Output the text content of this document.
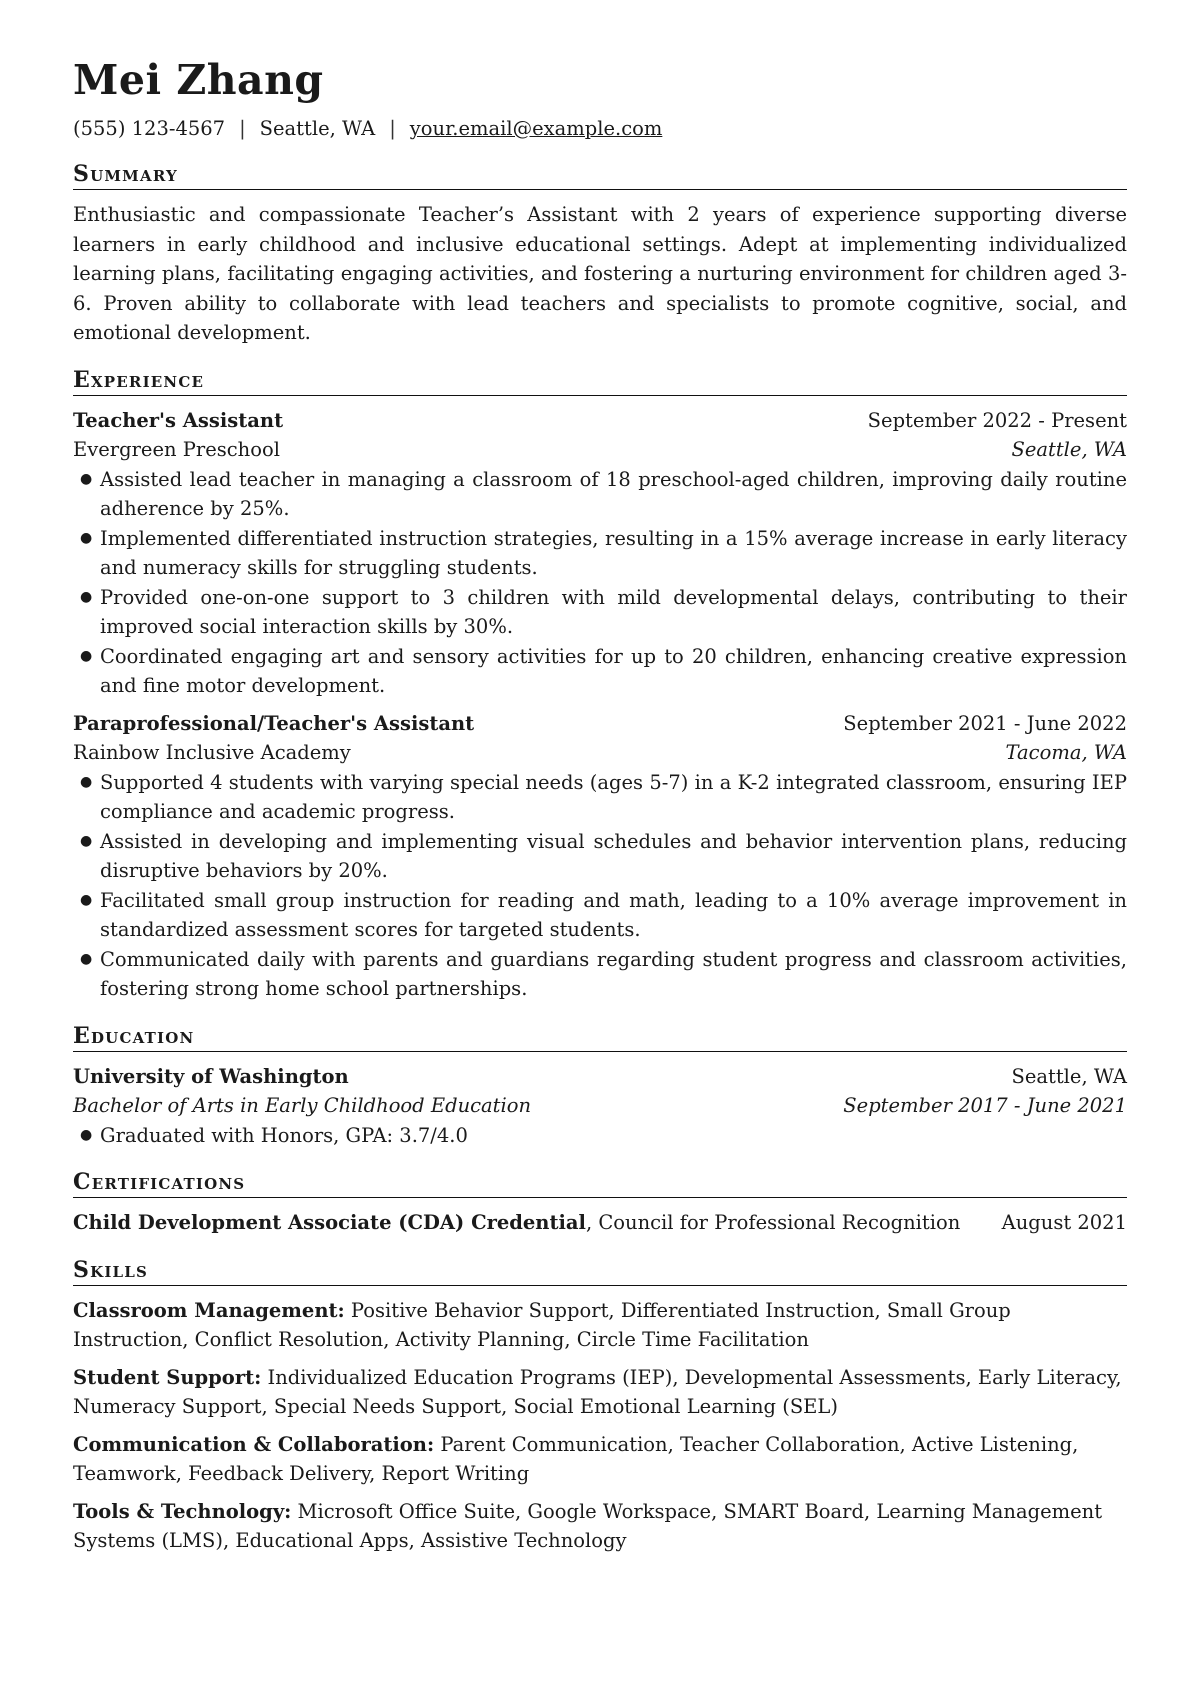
Mei Zhang
(555) 123-4567 | Seattle, WA | your.email@example.com
Summary
Enthusiastic and compassionate Teacher’s Assistant with 2 years of experience supporting diverse learners in early childhood and inclusive educational settings. Adept at implementing individualized learning plans, facilitating engaging activities, and fostering a nurturing environment for children aged 3-6. Proven ability to collaborate with lead teachers and specialists to promote cognitive, social, and emotional development.
Experience
Teacher's Assistant	September 2022 - Present
Evergreen Preschool	Seattle, WA
● Assisted lead teacher in managing a classroom of 18 preschool-aged children, improving daily routine adherence by 25%.
● Implemented differentiated instruction strategies, resulting in a 15% average increase in early literacy and numeracy skills for struggling students.
● Provided one-on-one support to 3 children with mild developmental delays, contributing to their improved social interaction skills by 30%.
● Coordinated engaging art and sensory activities for up to 20 children, enhancing creative expression and fine motor development.
Paraprofessional/Teacher's Assistant	September 2021 - June 2022
Rainbow Inclusive Academy	Tacoma, WA
● Supported 4 students with varying special needs (ages 5-7) in a K-2 integrated classroom, ensuring IEP compliance and academic progress.
● Assisted in developing and implementing visual schedules and behavior intervention plans, reducing disruptive behaviors by 20%.
● Facilitated small group instruction for reading and math, leading to a 10% average improvement in standardized assessment scores for targeted students.
● Communicated daily with parents and guardians regarding student progress and classroom activities, fostering strong home school partnerships.
Education
University of Washington	Seattle, WA
Bachelor of Arts in Early Childhood Education	September 2017 - June 2021
● Graduated with Honors, GPA: 3.7/4.0
Certifications
Child Development Associate (CDA) Credential, Council for Professional Recognition August 2021
Skills
Classroom Management: Positive Behavior Support, Differentiated Instruction, Small Group Instruction, Conflict Resolution, Activity Planning, Circle Time Facilitation
Student Support: Individualized Education Programs (IEP), Developmental Assessments, Early Literacy, Numeracy Support, Special Needs Support, Social Emotional Learning (SEL)
Communication & Collaboration: Parent Communication, Teacher Collaboration, Active Listening, Teamwork, Feedback Delivery, Report Writing
Tools & Technology: Microsoft Office Suite, Google Workspace, SMART Board, Learning Management Systems (LMS), Educational Apps, Assistive Technology
